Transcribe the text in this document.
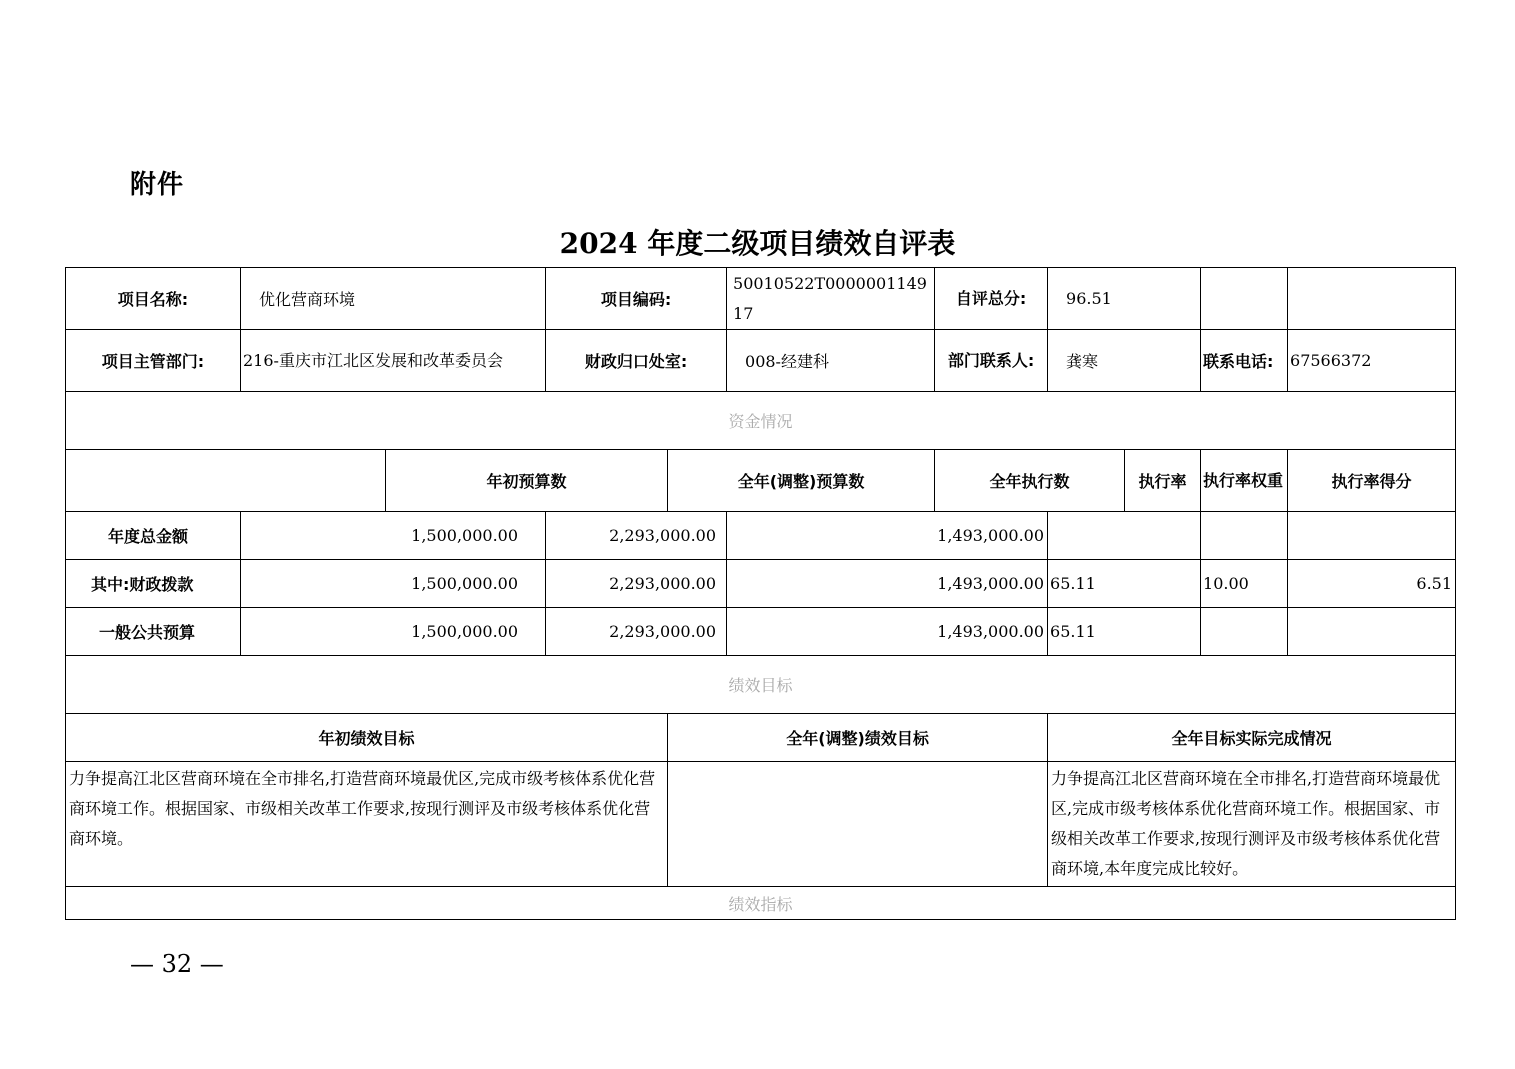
附件
2024 年度二级项目绩效自评表
项目名称:	优化营商环境		项目编码:		500105​22T00000011491​7	自评总分:	96.51			
项目主管部门:	216-重庆市江北区发展和改革委员会		财政归口处室:		008-经建科	部门联系人:	龚寒		联系电话:	67566372
资金情况										
		年初预算数		全年(调整)预算数		全年执行数		执行率	执行率权重	执行率得分
年度总金额	1,500,000.00		2,293,000.00		1,493,000.00					
其中:财政拨款	1,500,000.00		2,293,000.00		1,493,000.00		65.11		10.00	6.51
一般公共预算	1,500,000.00		2,293,000.00		1,493,000.00		65.11			
绩效目标										
年初绩效目标				全年(调整)绩效目标			全年目标实际完成情况			
力争提高江北区营商环境在全市排名,打造营商环境最优区,完成市级考核体系优化营商环境工作。根据国家、市级相关改革工作要求,按现行测评及市级考核体系优化营商环境。							力争提高江北区营商环境在全市排名,打造营商环境最优区,完成市级考核体系优化营商环境工作。根据国家、市级相关改革工作要求,按现行测评及市级考核体系优化营商环境,本年度完成比较好。			
绩效指标										
— 32 —
